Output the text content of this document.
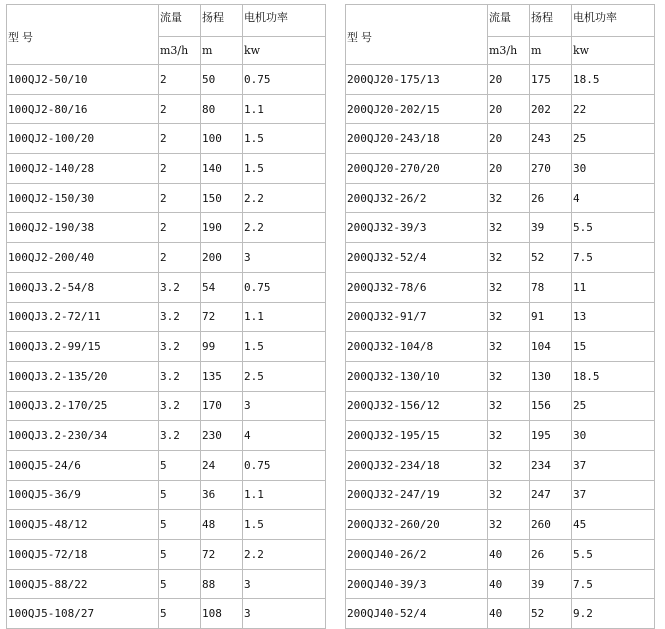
型 号	流量	扬程	电机功率		型 号	流量	扬程	电机功率
	m3/h	m	kw			m3/h	m	kw
100QJ2-50/10	2	50	0.75		200QJ20-175/13	20	175	18.5
100QJ2-80/16	2	80	1.1		200QJ20-202/15	20	202	22
100QJ2-100/20	2	100	1.5		200QJ20-243/18	20	243	25
100QJ2-140/28	2	140	1.5		200QJ20-270/20	20	270	30
100QJ2-150/30	2	150	2.2		200QJ32-26/2	32	26	4
100QJ2-190/38	2	190	2.2		200QJ32-39/3	32	39	5.5
100QJ2-200/40	2	200	3		200QJ32-52/4	32	52	7.5
100QJ3.2-54/8	3.2	54	0.75		200QJ32-78/6	32	78	11
100QJ3.2-72/11	3.2	72	1.1		200QJ32-91/7	32	91	13
100QJ3.2-99/15	3.2	99	1.5		200QJ32-104/8	32	104	15
100QJ3.2-135/20	3.2	135	2.5		200QJ32-130/10	32	130	18.5
100QJ3.2-170/25	3.2	170	3		200QJ32-156/12	32	156	25
100QJ3.2-230/34	3.2	230	4		200QJ32-195/15	32	195	30
100QJ5-24/6	5	24	0.75		200QJ32-234/18	32	234	37
100QJ5-36/9	5	36	1.1		200QJ32-247/19	32	247	37
100QJ5-48/12	5	48	1.5		200QJ32-260/20	32	260	45
100QJ5-72/18	5	72	2.2		200QJ40-26/2	40	26	5.5
100QJ5-88/22	5	88	3		200QJ40-39/3	40	39	7.5
100QJ5-108/27	5	108	3		200QJ40-52/4	40	52	9.2
